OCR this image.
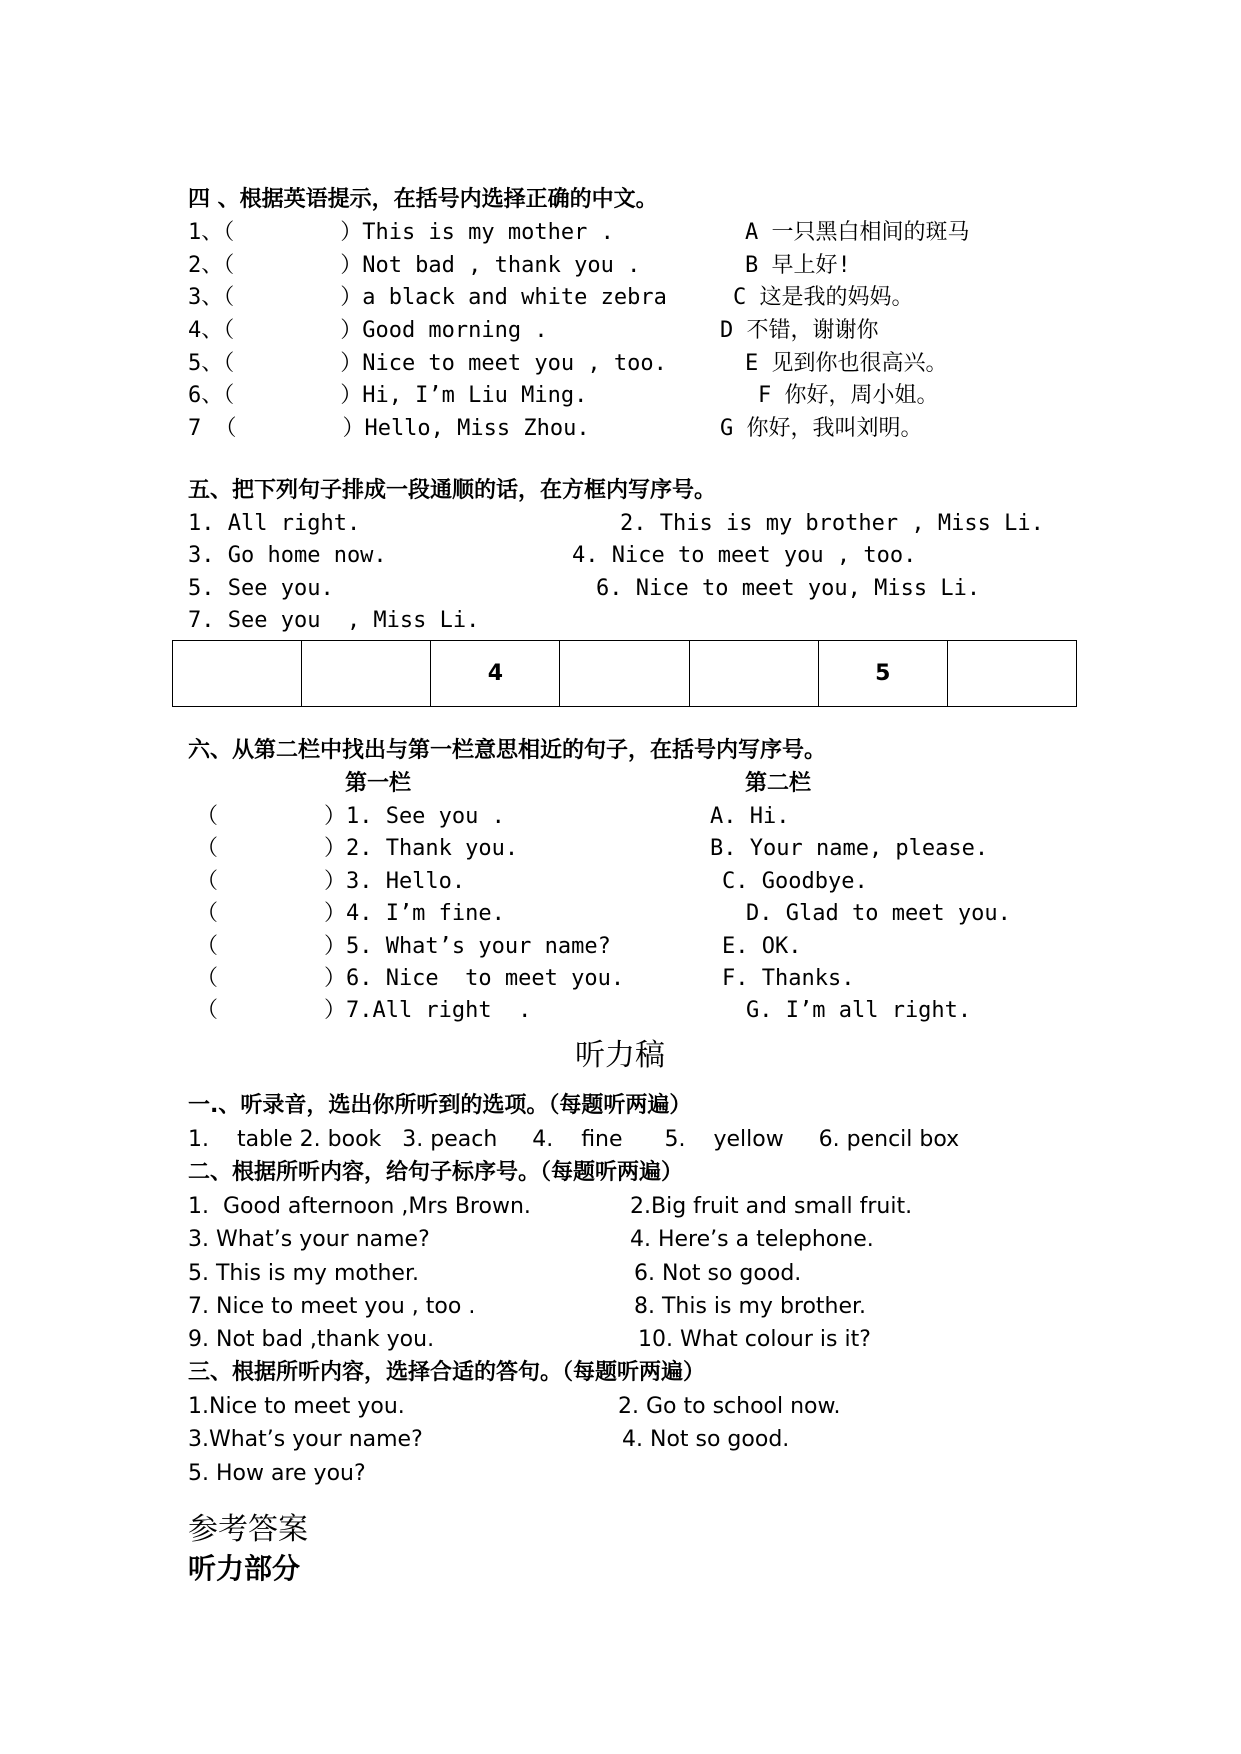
四 、根据英语提示，在括号内选择正确的中文。
1、（        ）This is my mother .	A 一只黑白相间的斑马
2、（        ）Not bad , thank you .	B 早上好!
3、（        ）a black and white zebra	C 这是我的妈妈。
4、（        ）Good morning .	D 不错，谢谢你
5、（        ）Nice to meet you , too.	E 见到你也很高兴。
6、（        ）Hi, I’m Liu Ming.	F 你好，周小姐。
7 （        ）Hello, Miss Zhou.	G 你好，我叫刘明。
五、把下列句子排成一段通顺的话，在方框内写序号。
1. All right.	2. This is my brother , Miss Li.
3. Go home now.	4. Nice to meet you , too.
5. See you.	6. Nice to meet you, Miss Li.
7. See you  , Miss Li.
		4			5	
六、从第二栏中找出与第一栏意思相近的句子，在括号内写序号。
第一栏	第二栏
（        ）1. See you .	A. Hi.
（        ）2. Thank you.	B. Your name, please.
（        ）3. Hello.	C. Goodbye.
（        ）4. I’m fine.	D. Glad to meet you.
（        ）5. What’s your name?	E. OK.
（        ）6. Nice  to meet you.	F. Thanks.
（        ）7.All right  .	G. I’m all right.
听力稿
一.、听录音，选出你所听到的选项。（每题听两遍）
1.    table 2. book   3. peach     4.    fine      5.    yellow     6. pencil box
二、根据所听内容，给句子标序号。（每题听两遍）
1.  Good afternoon ,Mrs Brown.	2.Big fruit and small fruit.
3. What’s your name?	4. Here’s a telephone.
5. This is my mother.	6. Not so good.
7. Nice to meet you , too .	8. This is my brother.
9. Not bad ,thank you.	10. What colour is it?
三、根据所听内容，选择合适的答句。（每题听两遍）
1.Nice to meet you.	2. Go to school now.
3.What’s your name?	4. Not so good.
5. How are you?
参考答案
听力部分
